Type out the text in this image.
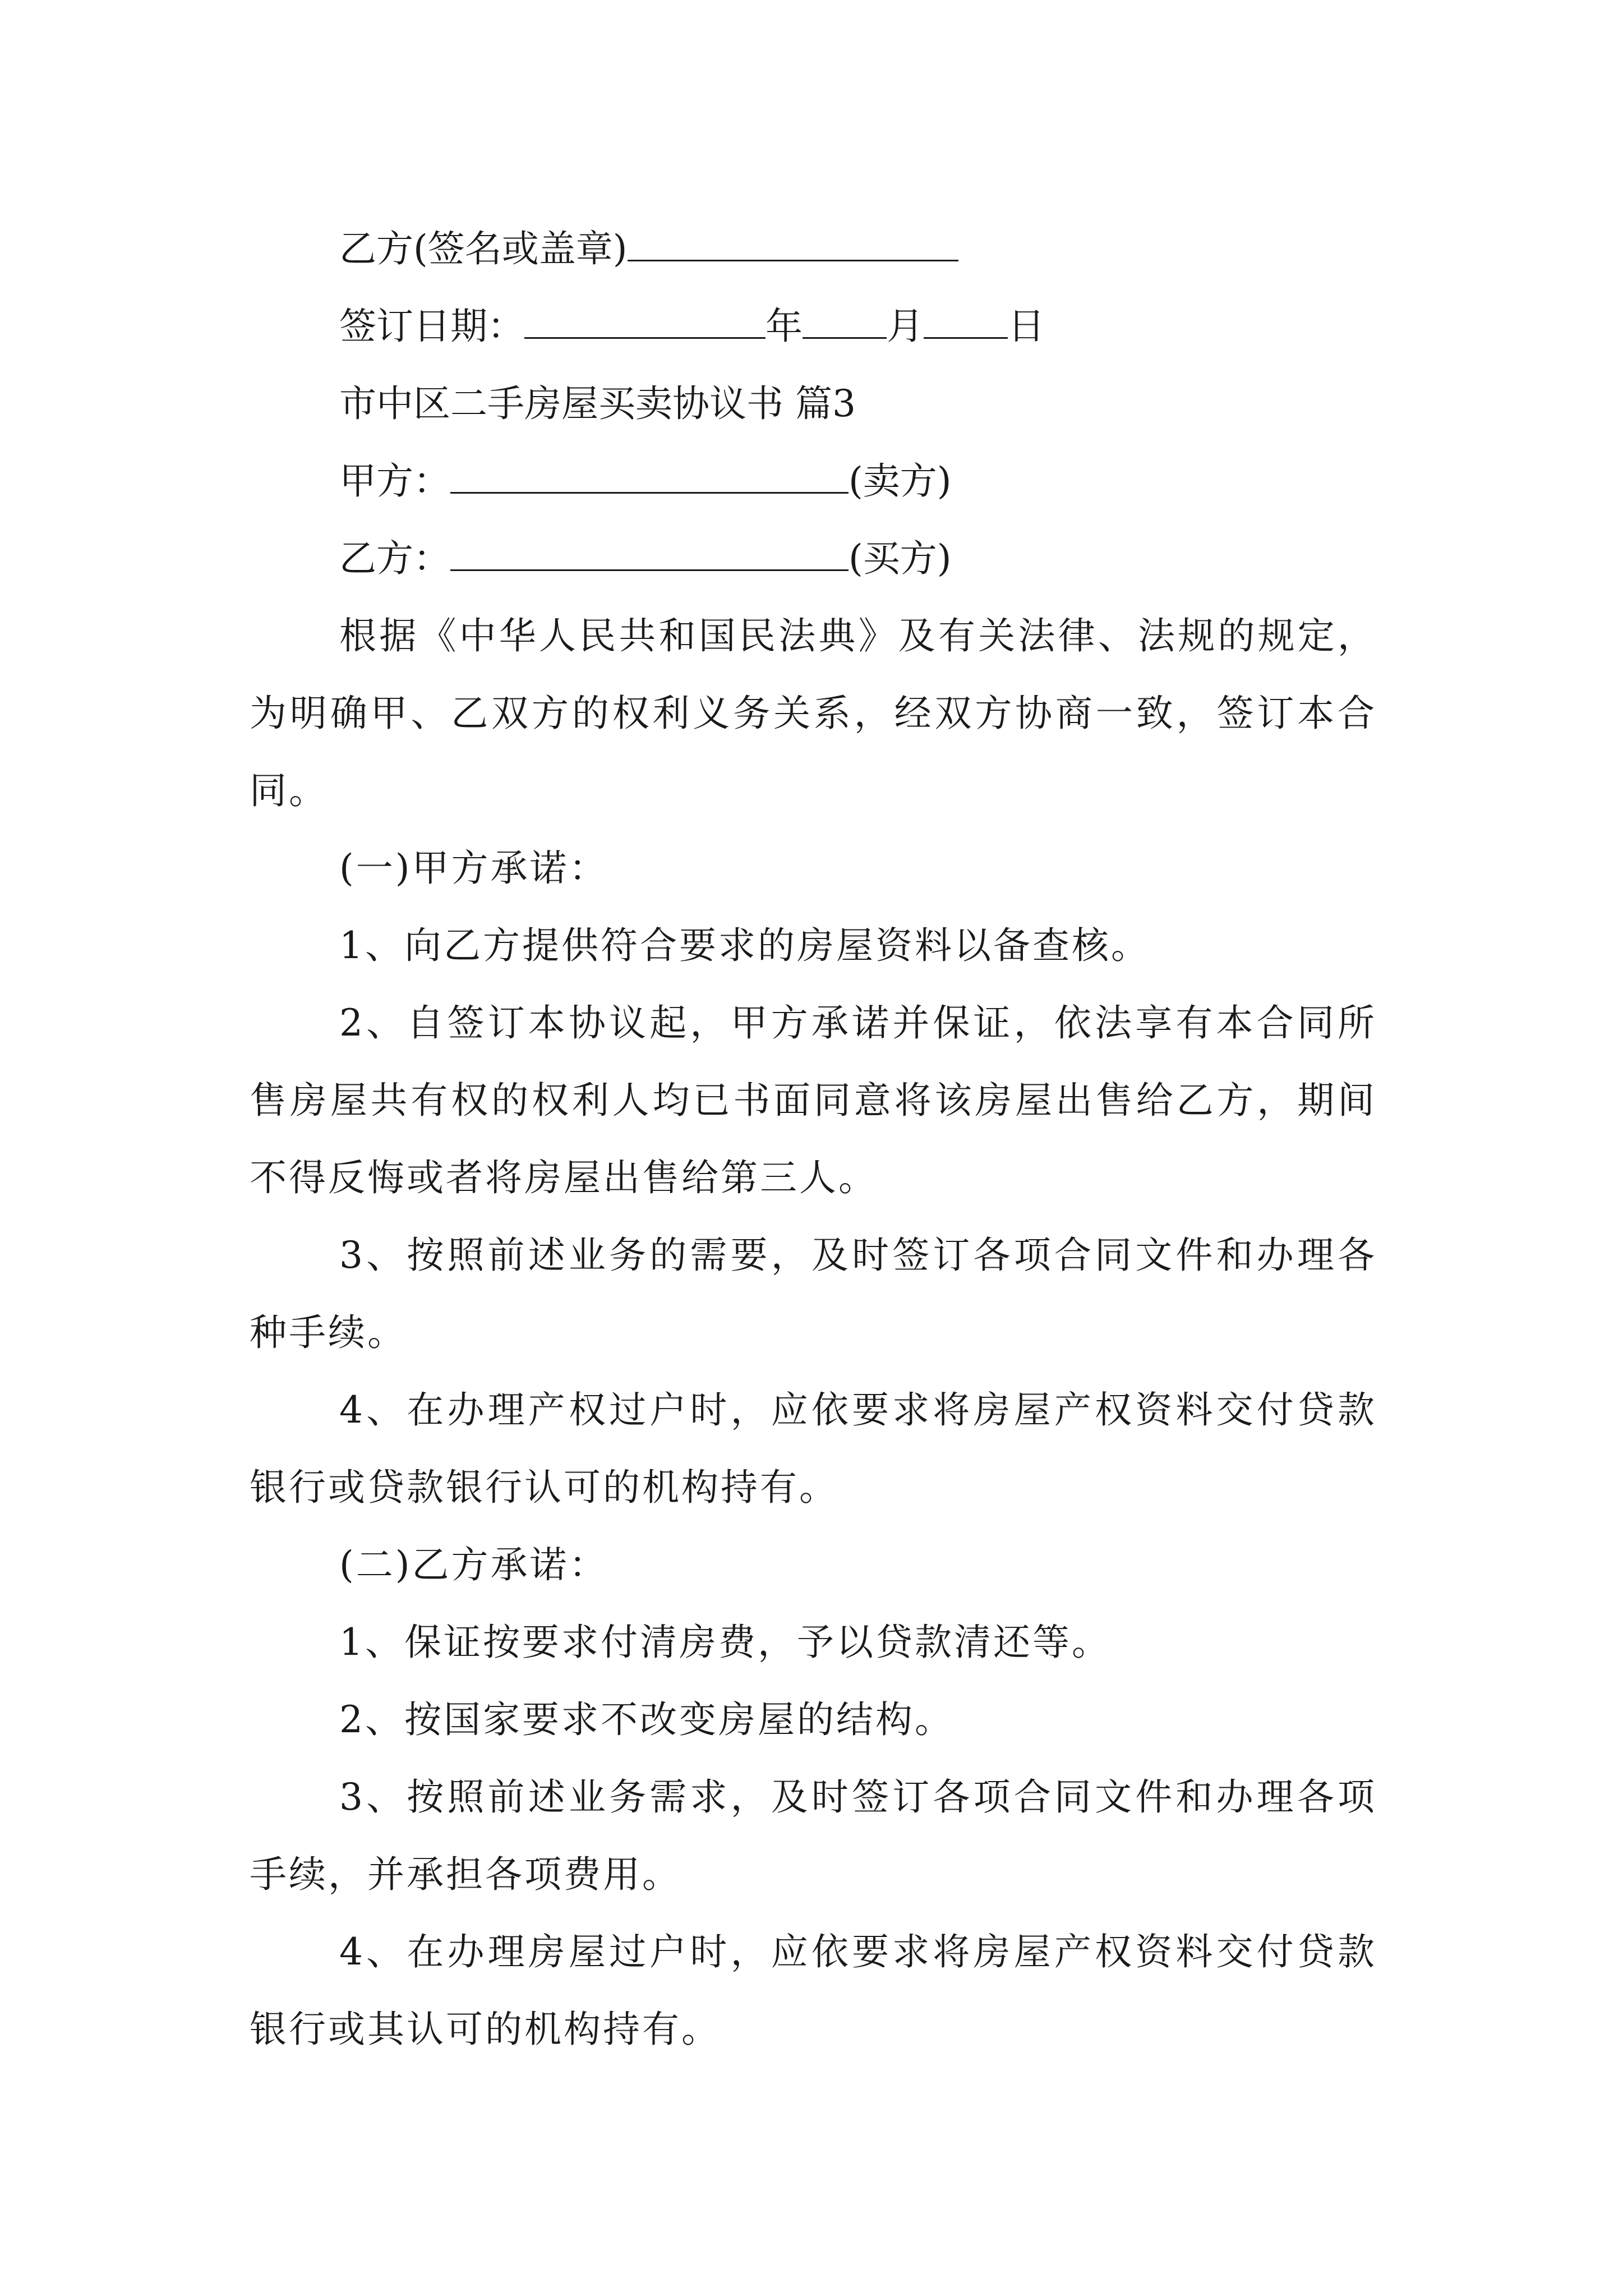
乙方(签名或盖章)
签订日期：	年 月 日
市中区二手房屋买卖协议书 篇3
甲方：	(卖方)
乙方：	(买方)
根据《中华人民共和国民法典》及有关法律、法规的规定，为明确甲、乙双方的权利义务关系，经双方协商一致，签订本合同。
(一)甲方承诺：
1、向乙方提供符合要求的房屋资料以备查核。
2、自签订本协议起，甲方承诺并保证，依法享有本合同所售房屋共有权的权利人均已书面同意将该房屋出售给乙方，期间不得反悔或者将房屋出售给第三人。
3、按照前述业务的需要，及时签订各项合同文件和办理各种手续。
4、在办理产权过户时，应依要求将房屋产权资料交付贷款银行或贷款银行认可的机构持有。
(二)乙方承诺：
1、保证按要求付清房费，予以贷款清还等。
2、按国家要求不改变房屋的结构。
3、按照前述业务需求，及时签订各项合同文件和办理各项手续，并承担各项费用。
4、在办理房屋过户时，应依要求将房屋产权资料交付贷款银行或其认可的机构持有。
